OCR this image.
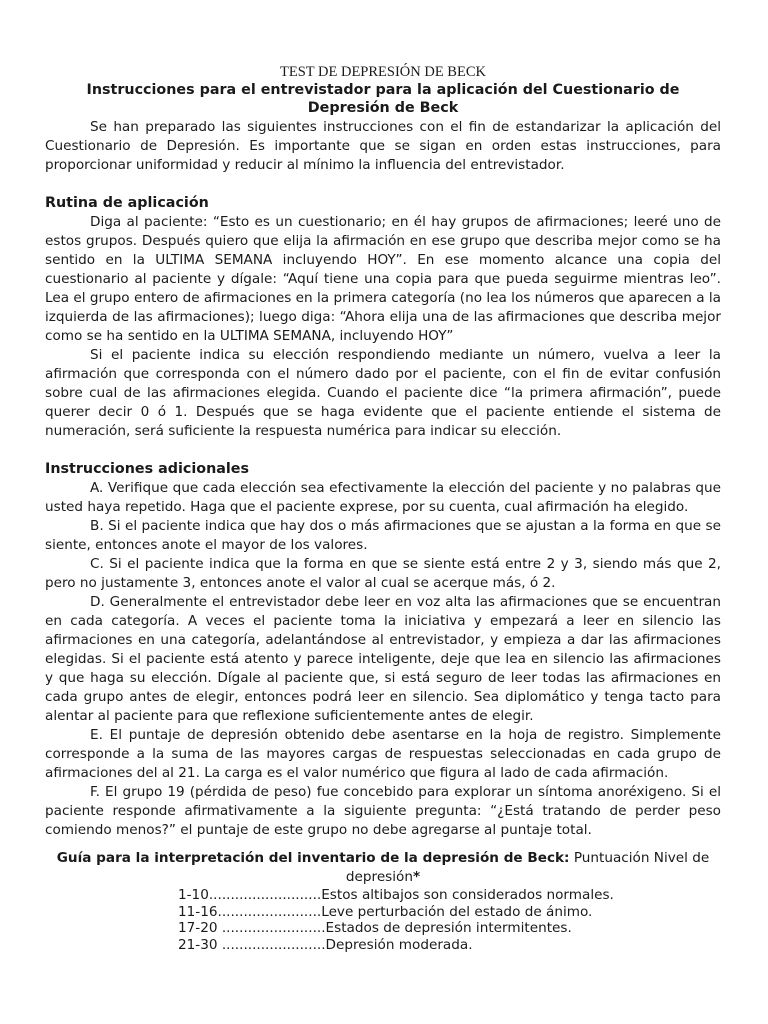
TEST DE DEPRESIÓN DE BECK
Instrucciones para el entrevistador para la aplicación del Cuestionario de Depresión de Beck

Se han preparado las siguientes instrucciones con el fin de estandarizar la aplicación del Cuestionario de Depresión. Es importante que se sigan en orden estas instrucciones, para proporcionar uniformidad y reducir al mínimo la influencia del entrevistador.

Rutina de aplicación

Diga al paciente: “Esto es un cuestionario; en él hay grupos de afirmaciones; leeré uno de estos grupos. Después quiero que elija la afirmación en ese grupo que describa mejor como se ha sentido en la ULTIMA SEMANA incluyendo HOY”. En ese momento alcance una copia del cuestionario al paciente y dígale: “Aquí tiene una copia para que pueda seguirme mientras leo”. Lea el grupo entero de afirmaciones en la primera categoría (no lea los números que aparecen a la izquierda de las afirmaciones); luego diga: “Ahora elija una de las afirmaciones que describa mejor como se ha sentido en la ULTIMA SEMANA, incluyendo HOY”

Si el paciente indica su elección respondiendo mediante un número, vuelva a leer la afirmación que corresponda con el número dado por el paciente, con el fin de evitar confusión sobre cual de las afirmaciones elegida. Cuando el paciente dice “la primera afirmación”, puede querer decir 0 ó 1. Después que se haga evidente que el paciente entiende el sistema de numeración, será suficiente la respuesta numérica para indicar su elección.

Instrucciones adicionales

A. Verifique que cada elección sea efectivamente la elección del paciente y no palabras que usted haya repetido. Haga que el paciente exprese, por su cuenta, cual afirmación ha elegido.

B. Si el paciente indica que hay dos o más afirmaciones que se ajustan a la forma en que se siente, entonces anote el mayor de los valores.

C. Si el paciente indica que la forma en que se siente está entre 2 y 3, siendo más que 2, pero no justamente 3, entonces anote el valor al cual se acerque más, ó 2.

D. Generalmente el entrevistador debe leer en voz alta las afirmaciones que se encuentran en cada categoría. A veces el paciente toma la iniciativa y empezará a leer en silencio las afirmaciones en una categoría, adelantándose al entrevistador, y empieza a dar las afirmaciones elegidas. Si el paciente está atento y parece inteligente, deje que lea en silencio las afirmaciones y que haga su elección. Dígale al paciente que, si está seguro de leer todas las afirmaciones en cada grupo antes de elegir, entonces podrá leer en silencio. Sea diplomático y tenga tacto para alentar al paciente para que reflexione suficientemente antes de elegir.

E. El puntaje de depresión obtenido debe asentarse en la hoja de registro. Simplemente corresponde a la suma de las mayores cargas de respuestas seleccionadas en cada grupo de afirmaciones del al 21. La carga es el valor numérico que figura al lado de cada afirmación.

F. El grupo 19 (pérdida de peso) fue concebido para explorar un síntoma anoréxigeno. Si el paciente responde afirmativamente a la siguiente pregunta: “¿Está tratando de perder peso comiendo menos?” el puntaje de este grupo no debe agregarse al puntaje total.

Guía para la interpretación del inventario de la depresión de Beck: Puntuación Nivel de depresión*
1-10..........................Estos altibajos son considerados normales.
11-16........................Leve perturbación del estado de ánimo.
17-20 ........................Estados de depresión intermitentes.
21-30 ........................Depresión moderada.
